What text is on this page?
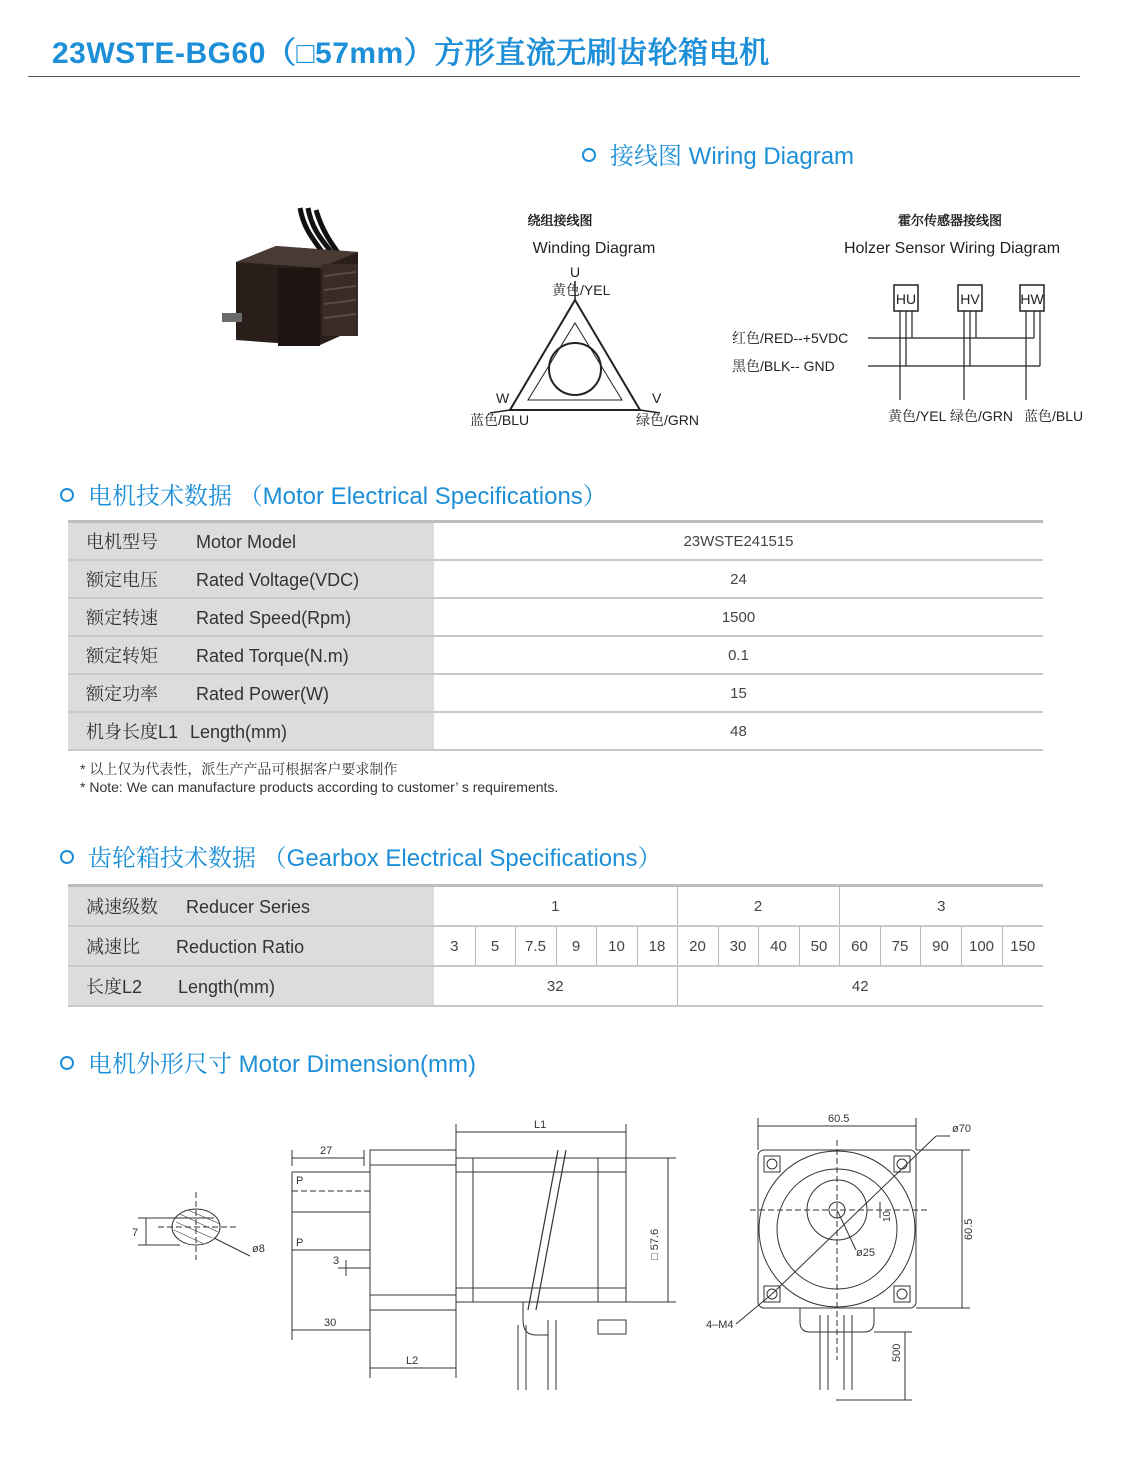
23WSTE-BG60（□57mm）方形直流无刷齿轮箱电机
接线图 Wiring Diagram
绕组接线图
Winding Diagram
U
黄色/YEL
W	V
蓝色/BLU	绿色/GRN
霍尔传感器接线图
Holzer Sensor Wiring Diagram
HU	HV	HW
红色/RED--+5VDC
黑色/BLK-- GND
黄色/YEL 绿色/GRN 蓝色/BLU
电机技术数据 （Motor Electrical Specifications）
电机型号 Motor Model	23WSTE241515
额定电压 Rated Voltage(VDC)	24
额定转速 Rated Speed(Rpm)	1500
额定转矩 Rated Torque(N.m)	0.1
额定功率 Rated Power(W)	15
机身长度L1 Length(mm)	48
* 以上仅为代表性，派生产产品可根据客户要求制作
* Note: We can manufacture products according to customer’ s requirements.
齿轮箱技术数据 （Gearbox Electrical Specifications）
减速级数 Reducer Series	1						2				3				
减速比 Reduction Ratio	3	5	7.5	9	10	18	20	30	40	50	60	75	90	100	150
长度L2 Length(mm)	32						42								
电机外形尺寸 Motor Dimension(mm)
7
ø8
27
P
P
3
30
L2
L1
□ 57.6
60.5
ø70
60.5
ø25
10
4–M4
500
